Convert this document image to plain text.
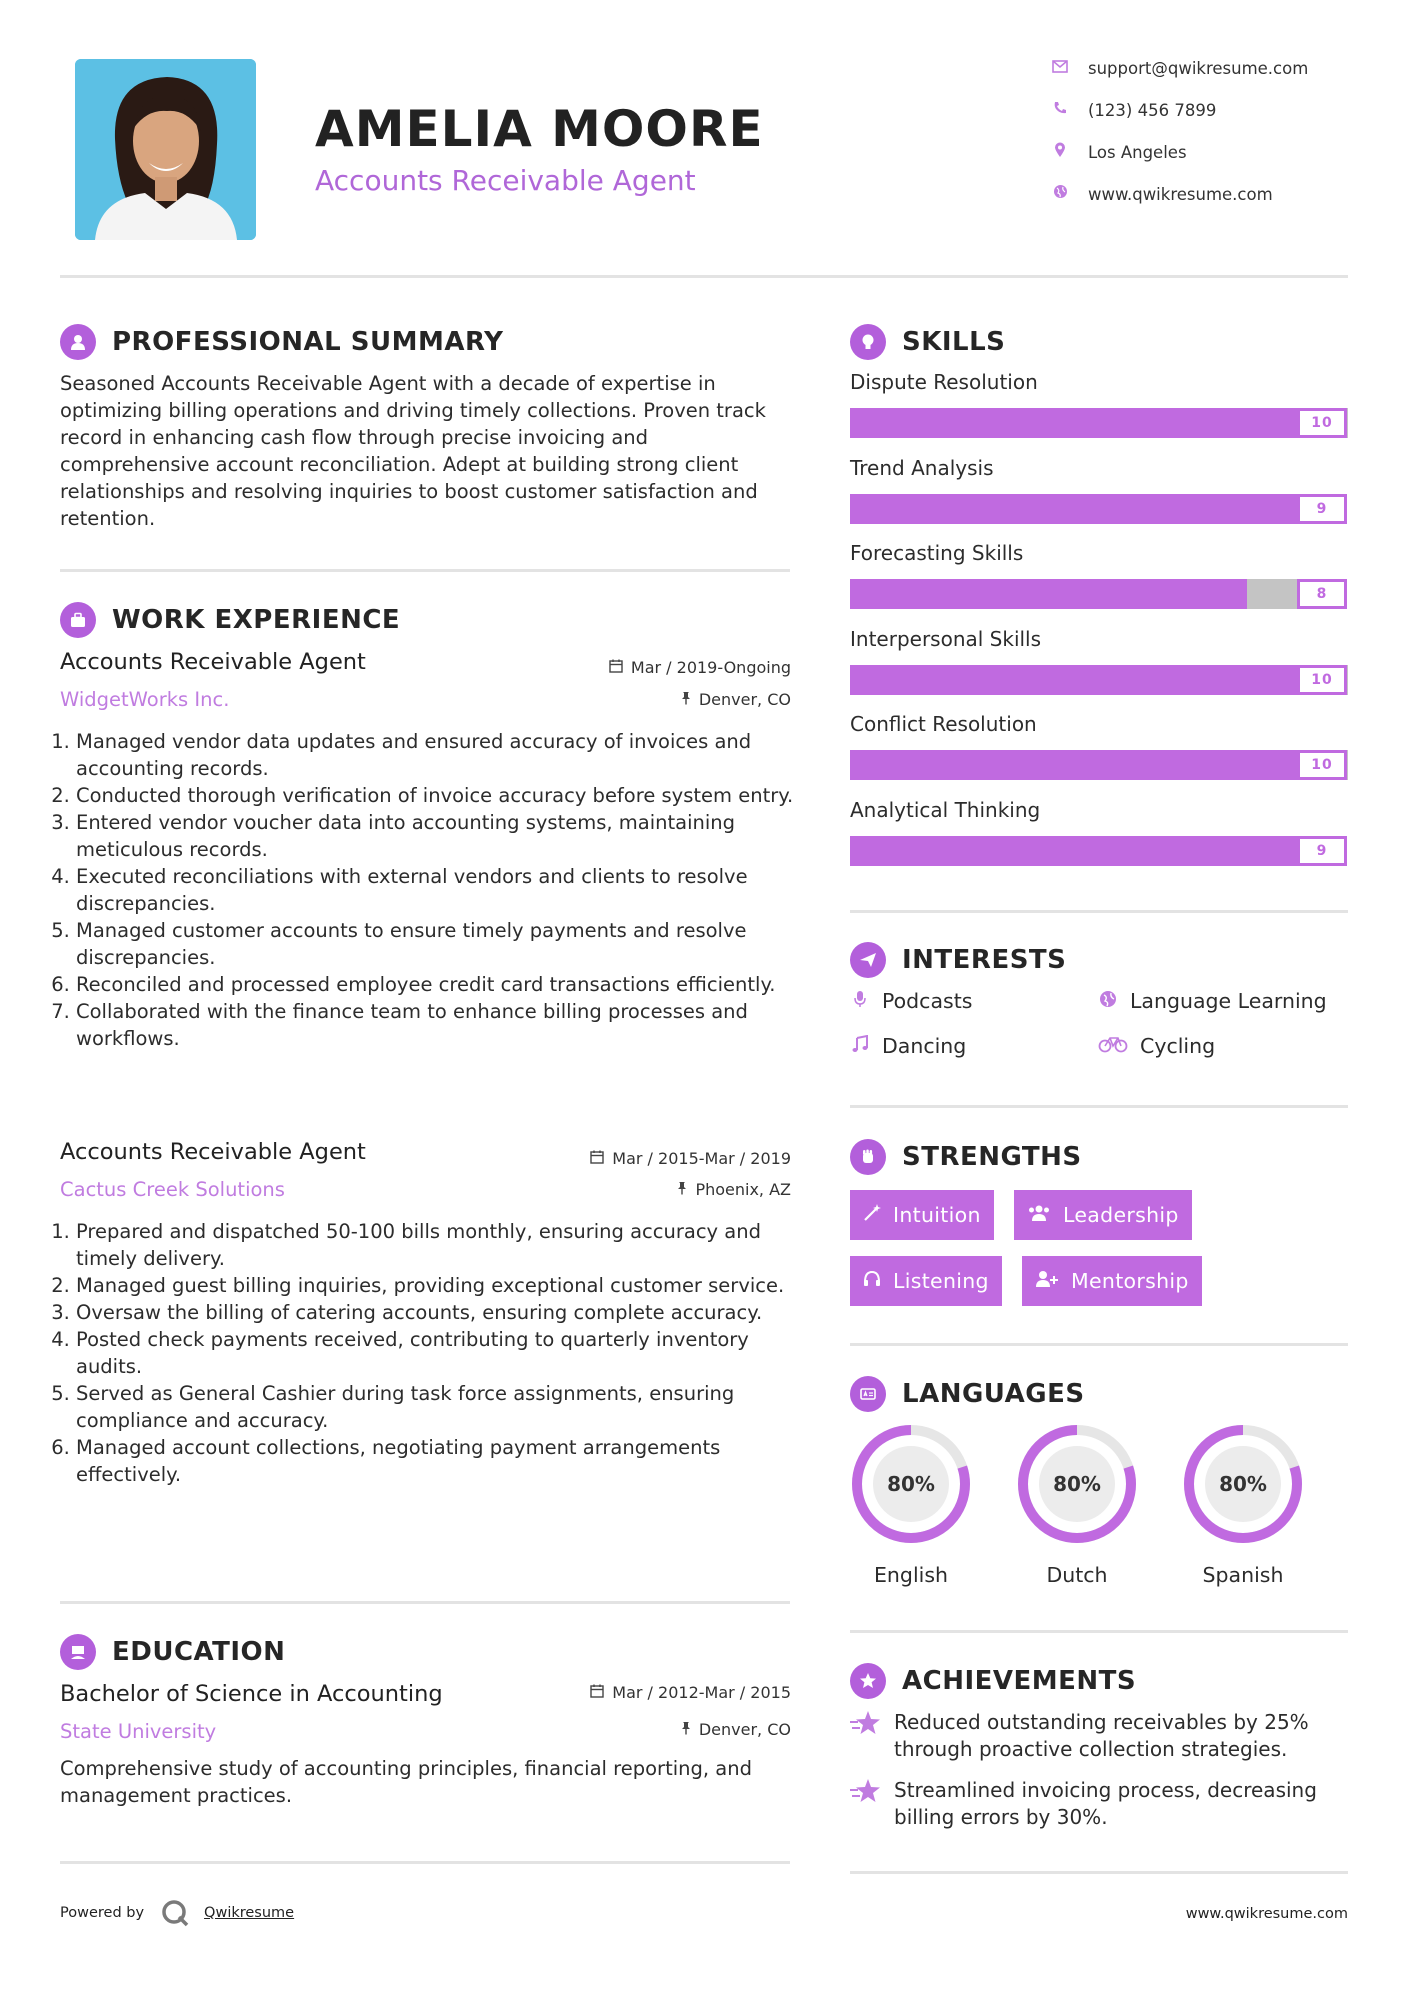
AMELIA MOORE
Accounts Receivable Agent
support@qwikresume.com
(123) 456 7899
Los Angeles
www.qwikresume.com
PROFESSIONAL SUMMARY
Seasoned Accounts Receivable Agent with a decade of expertise in optimizing billing operations and driving timely collections. Proven track record in enhancing cash flow through precise invoicing and comprehensive account reconciliation. Adept at building strong client relationships and resolving inquiries to boost customer satisfaction and retention.
WORK EXPERIENCE
Accounts Receivable Agent
WidgetWorks Inc.
Mar / 2019-Ongoing
Denver, CO
1. Managed vendor data updates and ensured accuracy of invoices and accounting records.
2. Conducted thorough verification of invoice accuracy before system entry.
3. Entered vendor voucher data into accounting systems, maintaining meticulous records.
4. Executed reconciliations with external vendors and clients to resolve discrepancies.
5. Managed customer accounts to ensure timely payments and resolve discrepancies.
6. Reconciled and processed employee credit card transactions efficiently.
7. Collaborated with the finance team to enhance billing processes and workflows.
Accounts Receivable Agent
Cactus Creek Solutions
Mar / 2015-Mar / 2019
Phoenix, AZ
1. Prepared and dispatched 50-100 bills monthly, ensuring accuracy and timely delivery.
2. Managed guest billing inquiries, providing exceptional customer service.
3. Oversaw the billing of catering accounts, ensuring complete accuracy.
4. Posted check payments received, contributing to quarterly inventory audits.
5. Served as General Cashier during task force assignments, ensuring compliance and accuracy.
6. Managed account collections, negotiating payment arrangements effectively.
EDUCATION
Bachelor of Science in Accounting
State University
Mar / 2012-Mar / 2015
Denver, CO
Comprehensive study of accounting principles, financial reporting, and management practices.
SKILLS
Dispute Resolution
10
Trend Analysis
9
Forecasting Skills
8
Interpersonal Skills
10
Conflict Resolution
10
Analytical Thinking
9
INTERESTS
Podcasts	Language Learning
Dancing	Cycling
STRENGTHS
Intuition	Leadership
Listening	Mentorship
LANGUAGES
80%
English
80%
Dutch
80%
Spanish
ACHIEVEMENTS
Reduced outstanding receivables by 25% through proactive collection strategies.
Streamlined invoicing process, decreasing billing errors by 30%.
Powered by	Qwikresume	www.qwikresume.com
